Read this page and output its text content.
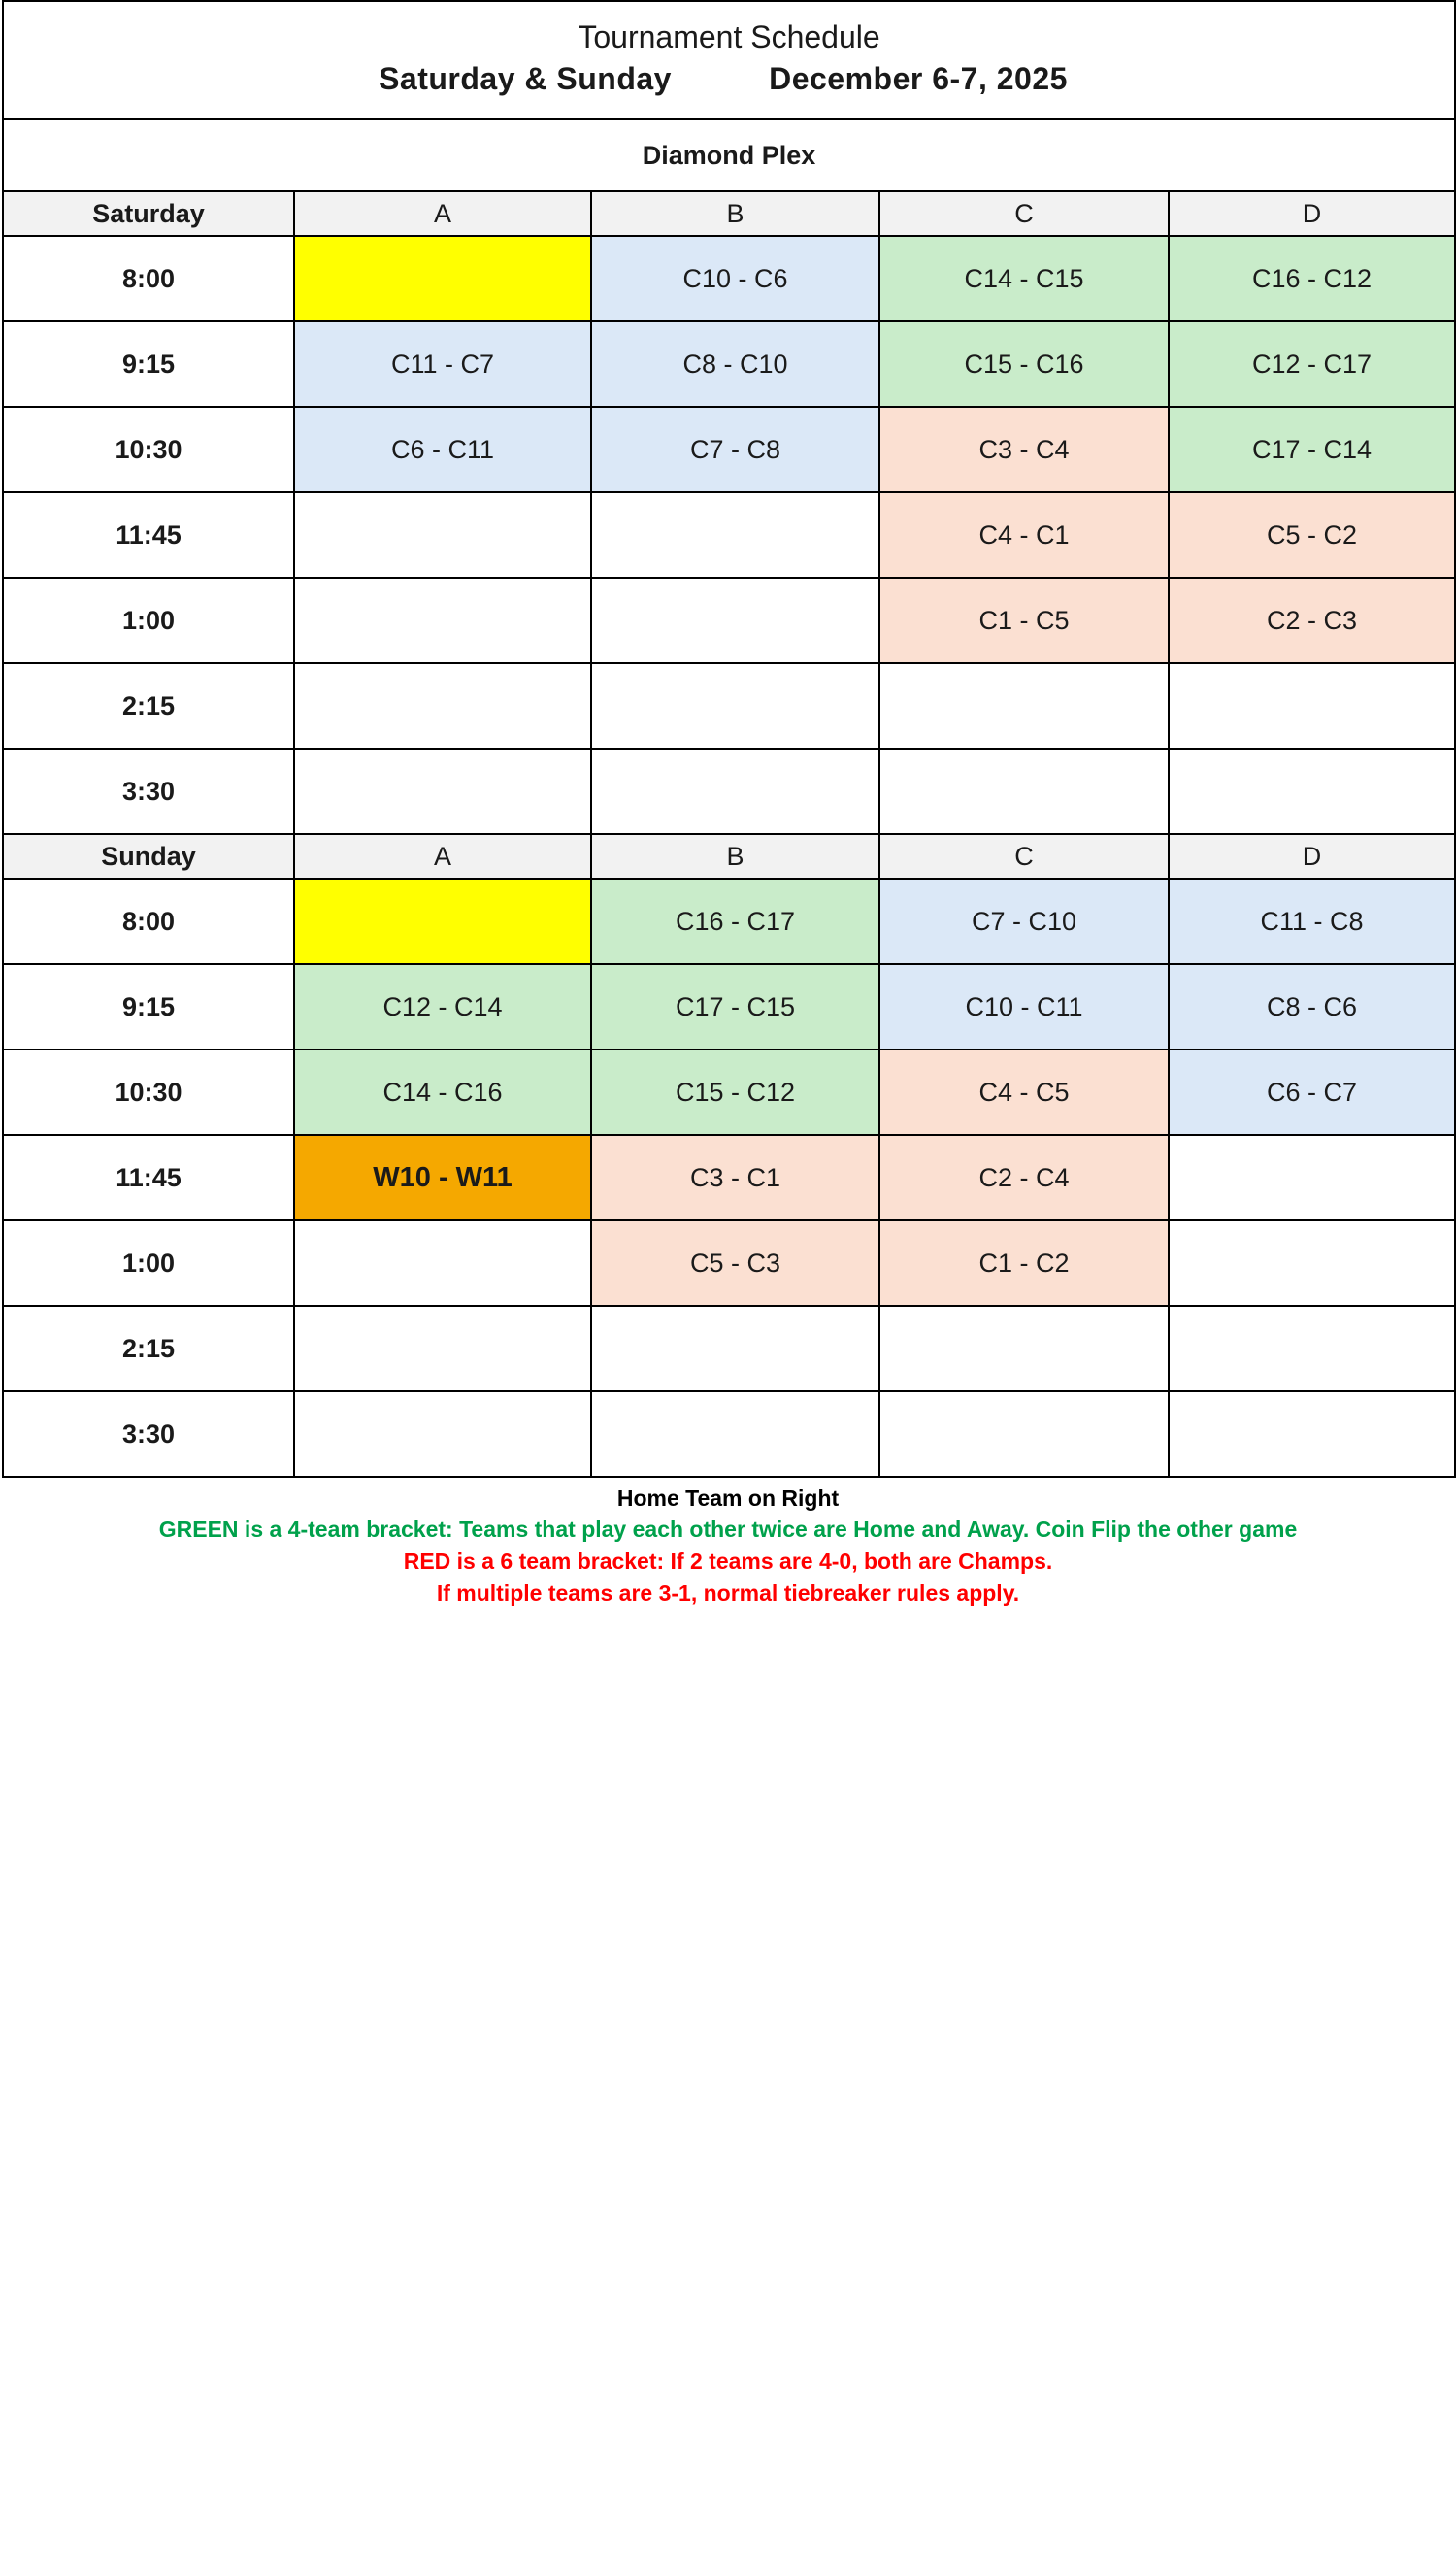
Tournament Schedule
Saturday & Sunday December 6-7, 2025				

Diamond Plex				
Saturday	A	B	C	D
8:00		C10 - C6	C14 - C15	C16 - C12
9:15	C11 - C7	C8 - C10	C15 - C16	C12 - C17
10:30	C6 - C11	C7 - C8	C3 - C4	C17 - C14
11:45			C4 - C1	C5 - C2
1:00			C1 - C5	C2 - C3
2:15				
3:30				
Sunday	A	B	C	D
8:00		C16 - C17	C7 - C10	C11 - C8
9:15	C12 - C14	C17 - C15	C10 - C11	C8 - C6
10:30	C14 - C16	C15 - C12	C4 - C5	C6 - C7
11:45	W10 - W11	C3 - C1	C2 - C4	
1:00		C5 - C3	C1 - C2	
2:15				
3:30				
Home Team on Right
GREEN is a 4-team bracket: Teams that play each other twice are Home and Away. Coin Flip the other game
RED is a 6 team bracket: If 2 teams are 4-0, both are Champs.
If multiple teams are 3-1, normal tiebreaker rules apply.
